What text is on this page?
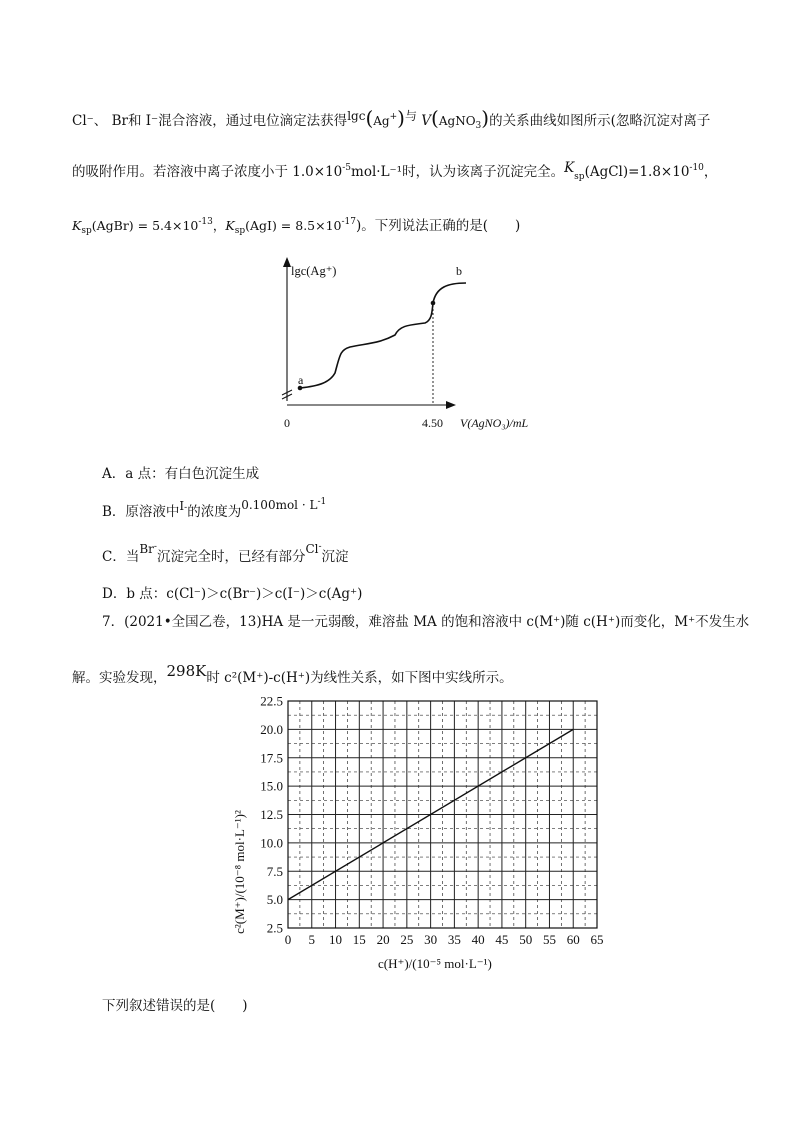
Cl⁻、 Br和 I⁻混合溶液，通过电位滴定法获得lgc(Ag+)与 V(AgNO$_3$)的关系曲线如图所示(忽略沉淀对离子
的吸附作用。若溶液中离子浓度小于 $1.0\times 10^{-5}mol\cdot L^{-1}$时，认为该离子沉淀完全。$K_{sp}(AgCl)=1.8\times 10^{-10}$，
$K_{sp}(AgBr) = 5.4\times 10^{-13}$，$K_{sp}(AgI) = 8.5\times 10^{-17}$)。下列说法正确的是(　　)
lgc(Ag⁺)
V(AgNO₃)/mL
0	4.50
a
b
A．a 点：有白色沉淀生成
B．原溶液中I-的浓度为$0.100mol \cdot L^{-1}$
C．当Br-沉淀完全时，已经有部分Cl-沉淀
D．b 点：c(Cl⁻)＞c(Br⁻)＞c(I⁻)＞c(Ag⁺)
7．(2021•全国乙卷，13)HA 是一元弱酸，难溶盐 MA 的饱和溶液中 c(M⁺)随 c(H⁺)而变化，M⁺不发生水
解。实验发现，298K时 c²(M⁺)-c(H⁺)为线性关系，如下图中实线所示。
0 5 10 15 20 25 30 35 40 45 50 55 60 65
2.5
5.0
7.5
10.0
12.5
15.0
17.5
20.0
22.5
c(H⁺)/(10⁻⁵ mol·L⁻¹)
c²(M⁺)/(10⁻⁸ mol·L⁻¹)²
下列叙述错误的是(　　)
